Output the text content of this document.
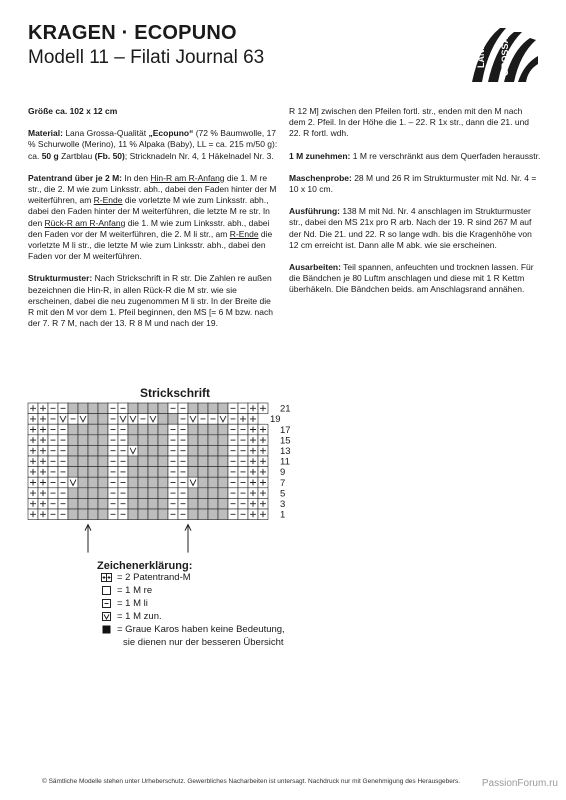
KRAGEN · ECOPUNO
Modell 11 – Filati Journal 63	LANA GROSSA

Größe ca. 102 x 12 cm

Material: Lana Grossa-Qualität „Ecopuno“ (72 % Baumwolle, 17 % Schurwolle (Merino), 11 % Alpaka (Baby), LL = ca. 215 m/50 g): ca. 50 g Zartblau (Fb. 50); Stricknadeln Nr. 4, 1 Häkelnadel Nr. 3.

Patentrand über je 2 M: In den Hin-R am R-Anfang die 1. M re str., die 2. M wie zum Linksstr. abh., dabei den Faden hinter der M weiterführen, am R-Ende die vorletzte M wie zum Linksstr. abh., dabei den Faden hinter der M weiterführen, die letzte M re str. In den Rück-R am R-Anfang die 1. M wie zum Linksstr. abh., dabei den Faden vor der M weiterführen, die 2. M li str., am R-Ende die vorletzte M li str., die letzte M wie zum Linksstr. abh., dabei den Faden vor der M weiterführen.

Strukturmuster: Nach Strickschrift in R str. Die Zahlen re außen bezeichnen die Hin-R, in allen Rück-R die M str. wie sie erscheinen, dabei die neu zugenommen M li str. In der Breite die R mit den M vor dem 1. Pfeil beginnen, den MS [= 6 M bzw. nach der 7. R 7 M, nach der 13. R 8 M und nach der 19.

R 12 M] zwischen den Pfeilen fortl. str., enden mit den M nach dem 2. Pfeil. In der Höhe die 1. – 22. R 1x str., dann die 21. und 22. R fortl. wdh.

1 M zunehmen: 1 M re verschränkt aus dem Querfaden herausstr.

Maschenprobe: 28 M und 26 R im Strukturmuster mit Nd. Nr. 4 = 10 x 10 cm.

Ausführung: 138 M mit Nd. Nr. 4 anschlagen im Strukturmuster str., dabei den MS 21x pro R arb. Nach der 19. R sind 267 M auf der Nd. Die 21. und 22. R so lange wdh. bis die Kragenhöhe von 12 cm erreicht ist. Dann alle M abk. wie sie erscheinen.

Ausarbeiten: Teil spannen, anfeuchten und trocknen lassen. Für die Bändchen je 80 Luftm anschlagen und diese mit 1 R Kettm überhäkeln. Die Bändchen beids. am Anschlagsrand annähen.

Strickschrift
21
19
17
15
13
11
9
7
5
3
1
Zeichenerklärung:
= 2 Patentrand-M
= 1 M re
= 1 M li
= 1 M zun.
= Graue Karos haben keine Bedeutung,
sie dienen nur der besseren Übersicht
© Sämtliche Modelle stehen unter Urheberschutz. Gewerbliches Nacharbeiten ist untersagt. Nachdruck nur mit Genehmigung des Herausgebers. PassionForum.ru
